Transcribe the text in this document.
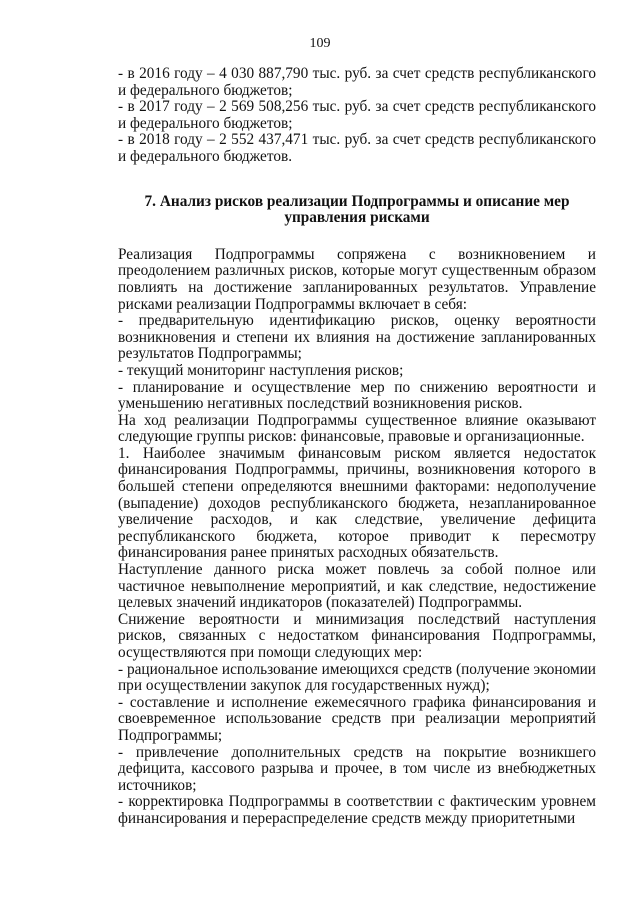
109

- в 2016 году – 4 030 887,790 тыс. руб. за счет средств республиканского и федерального бюджетов;

- в 2017 году – 2 569 508,256 тыс. руб. за счет средств республиканского и федерального бюджетов;

- в 2018 году – 2 552 437,471 тыс. руб. за счет средств республиканского и федерального бюджетов.

7. Анализ рисков реализации Подпрограммы и описание мер управления рисками

Реализация Подпрограммы сопряжена с возникновением и преодолением различных рисков, которые могут существенным образом повлиять на достижение запланированных результатов. Управление рисками реализации Подпрограммы включает в себя:

- предварительную идентификацию рисков, оценку вероятности возникновения и степени их влияния на достижение запланированных результатов Подпрограммы;

- текущий мониторинг наступления рисков;

- планирование и осуществление мер по снижению вероятности и уменьшению негативных последствий возникновения рисков.

На ход реализации Подпрограммы существенное влияние оказывают следующие группы рисков: финансовые, правовые и организационные.

1. Наиболее значимым финансовым риском является недостаток финансирования Подпрограммы, причины, возникновения которого в большей степени определяются внешними факторами: недополучение (выпадение) доходов республиканского бюджета, незапланированное увеличение расходов, и как следствие, увеличение дефицита республиканского бюджета, которое приводит к пересмотру финансирования ранее принятых расходных обязательств.

Наступление данного риска может повлечь за собой полное или частичное невыполнение мероприятий, и как следствие, недостижение целевых значений индикаторов (показателей) Подпрограммы.

Снижение вероятности и минимизация последствий наступления рисков, связанных с недостатком финансирования Подпрограммы, осуществляются при помощи следующих мер:

- рациональное использование имеющихся средств (получение экономии при осуществлении закупок для государственных нужд);

- составление и исполнение ежемесячного графика финансирования и своевременное использование средств при реализации мероприятий Подпрограммы;

- привлечение дополнительных средств на покрытие возникшего дефицита, кассового разрыва и прочее, в том числе из внебюджетных источников;

- корректировка Подпрограммы в соответствии с фактическим уровнем финансирования и перераспределение средств между приоритетными
